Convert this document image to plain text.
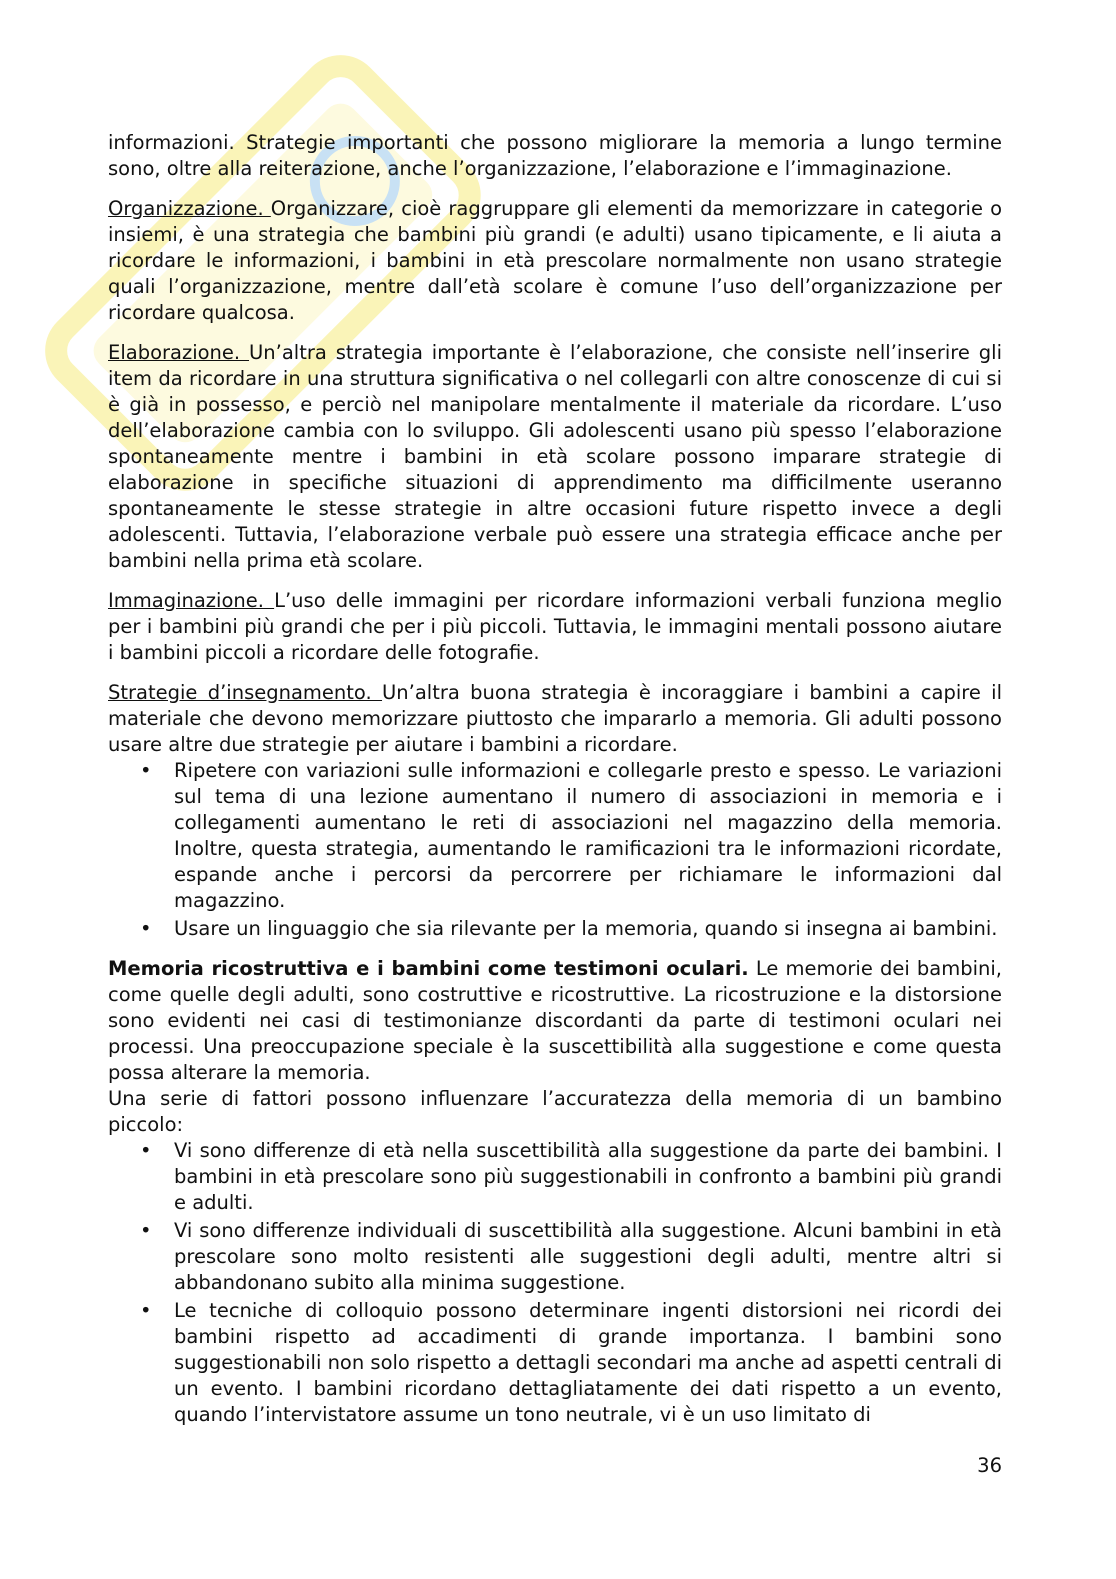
informazioni. Strategie importanti che possono migliorare la memoria a lungo termine sono, oltre alla reiterazione, anche l’organizzazione, l’elaborazione e l’immaginazione.

Organizzazione. Organizzare, cioè raggruppare gli elementi da memorizzare in categorie o insiemi, è una strategia che bambini più grandi (e adulti) usano tipicamente, e li aiuta a ricordare le informazioni, i bambini in età prescolare normalmente non usano strategie quali l’organizzazione, mentre dall’età scolare è comune l’uso dell’organizzazione per ricordare qualcosa.

Elaborazione. Un’altra strategia importante è l’elaborazione, che consiste nell’inserire gli item da ricordare in una struttura significativa o nel collegarli con altre conoscenze di cui si è già in possesso, e perciò nel manipolare mentalmente il materiale da ricordare. L’uso dell’elaborazione cambia con lo sviluppo. Gli adolescenti usano più spesso l’elaborazione spontaneamente mentre i bambini in età scolare possono imparare strategie di elaborazione in specifiche situazioni di apprendimento ma difficilmente useranno spontaneamente le stesse strategie in altre occasioni future rispetto invece a degli adolescenti. Tuttavia, l’elaborazione verbale può essere una strategia efficace anche per bambini nella prima età scolare.

Immaginazione. L’uso delle immagini per ricordare informazioni verbali funziona meglio per i bambini più grandi che per i più piccoli. Tuttavia, le immagini mentali possono aiutare i bambini piccoli a ricordare delle fotografie.

Strategie d’insegnamento. Un’altra buona strategia è incoraggiare i bambini a capire il materiale che devono memorizzare piuttosto che impararlo a memoria. Gli adulti possono usare altre due strategie per aiutare i bambini a ricordare.

• Ripetere con variazioni sulle informazioni e collegarle presto e spesso. Le variazioni sul tema di una lezione aumentano il numero di associazioni in memoria e i collegamenti aumentano le reti di associazioni nel magazzino della memoria. Inoltre, questa strategia, aumentando le ramificazioni tra le informazioni ricordate, espande anche i percorsi da percorrere per richiamare le informazioni dal magazzino.
• Usare un linguaggio che sia rilevante per la memoria, quando si insegna ai bambini.

Memoria ricostruttiva e i bambini come testimoni oculari. Le memorie dei bambini, come quelle degli adulti, sono costruttive e ricostruttive. La ricostruzione e la distorsione sono evidenti nei casi di testimonianze discordanti da parte di testimoni oculari nei processi. Una preoccupazione speciale è la suscettibilità alla suggestione e come questa possa alterare la memoria.

Una serie di fattori possono influenzare l’accuratezza della memoria di un bambino piccolo:

• Vi sono differenze di età nella suscettibilità alla suggestione da parte dei bambini. I bambini in età prescolare sono più suggestionabili in confronto a bambini più grandi e adulti.
• Vi sono differenze individuali di suscettibilità alla suggestione. Alcuni bambini in età prescolare sono molto resistenti alle suggestioni degli adulti, mentre altri si abbandonano subito alla minima suggestione.
• Le tecniche di colloquio possono determinare ingenti distorsioni nei ricordi dei bambini rispetto ad accadimenti di grande importanza. I bambini sono suggestionabili non solo rispetto a dettagli secondari ma anche ad aspetti centrali di un evento. I bambini ricordano dettagliatamente dei dati rispetto a un evento, quando l’intervistatore assume un tono neutrale, vi è un uso limitato di
36
